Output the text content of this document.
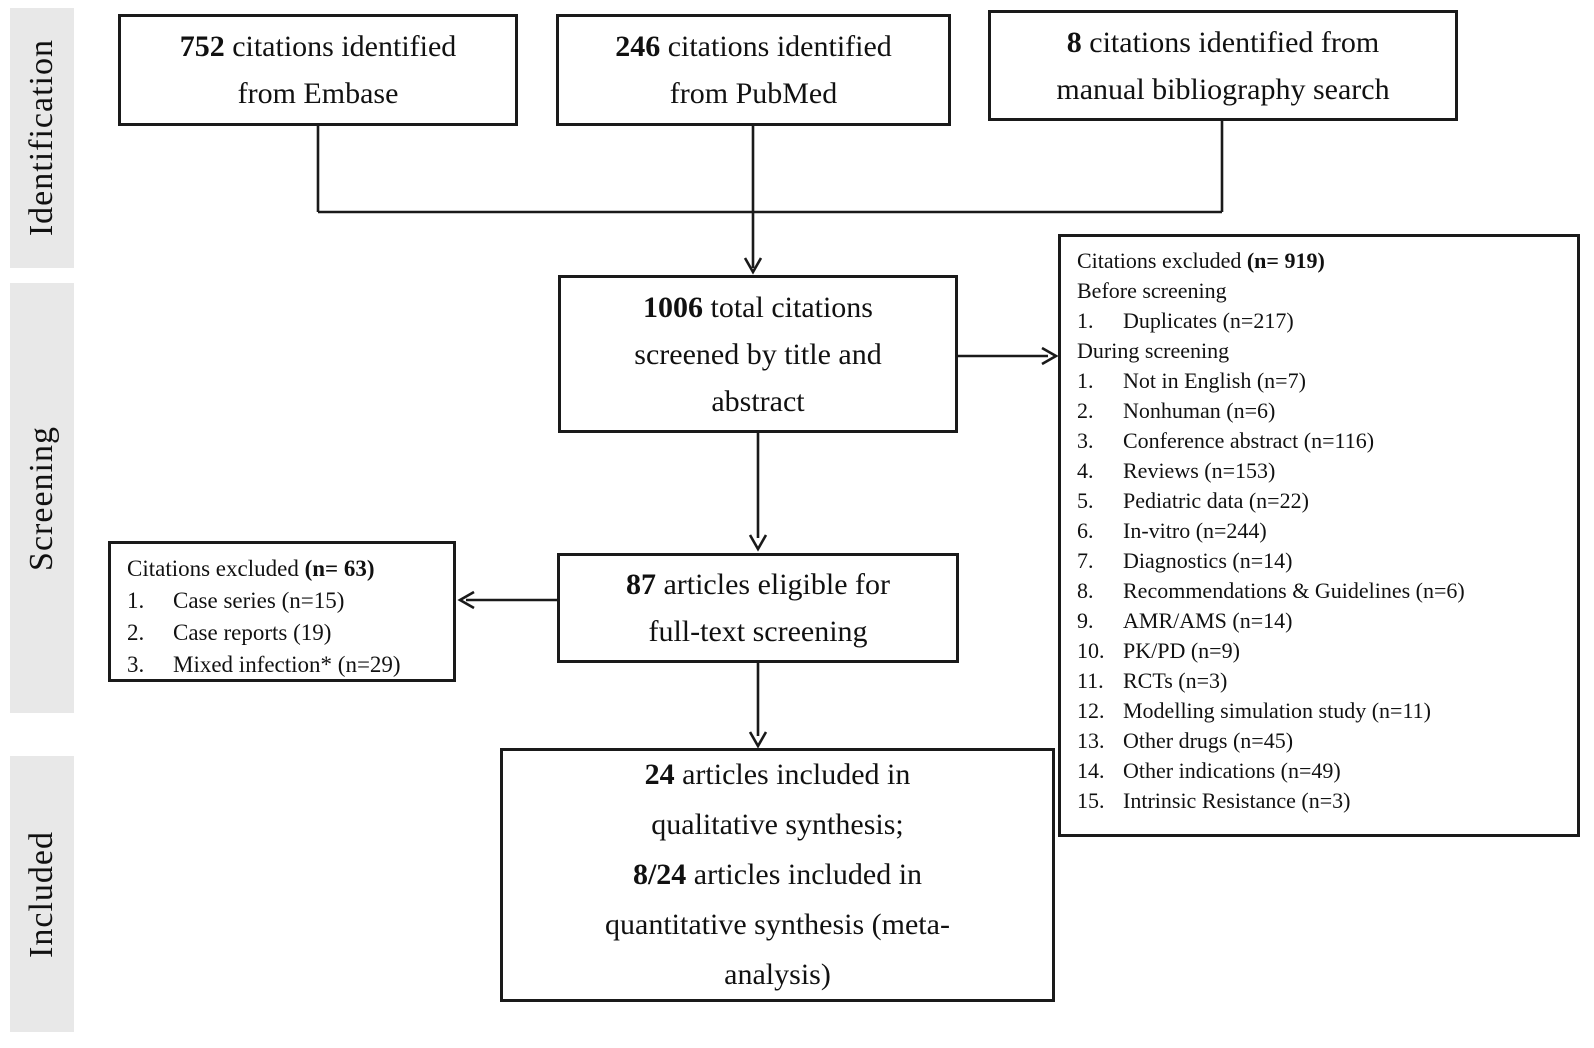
Identification
Screening
Included
752 citations identified
from Embase
246 citations identified
from PubMed
8 citations identified from
manual bibliography search
1006 total citations
screened by title and
abstract
Citations excluded (n= 919)
Before screening
1.	Duplicates (n=217)
During screening
1.	Not in English (n=7)
2.	Nonhuman (n=6)
3.	Conference abstract (n=116)
4.	Reviews (n=153)
5.	Pediatric data (n=22)
6.	In-vitro (n=244)
7.	Diagnostics (n=14)
8.	Recommendations & Guidelines (n=6)
9.	AMR/AMS (n=14)
10. PK/PD (n=9)
11. RCTs (n=3)
12. Modelling simulation study (n=11)
13. Other drugs (n=45)
14. Other indications (n=49)
15. Intrinsic Resistance (n=3)
Citations excluded (n= 63)
1.	Case series (n=15)
2.	Case reports (19)
3.	Mixed infection* (n=29)
87 articles eligible for
full-text screening
24 articles included in
qualitative synthesis;
8/24 articles included in
quantitative synthesis (meta-
analysis)
